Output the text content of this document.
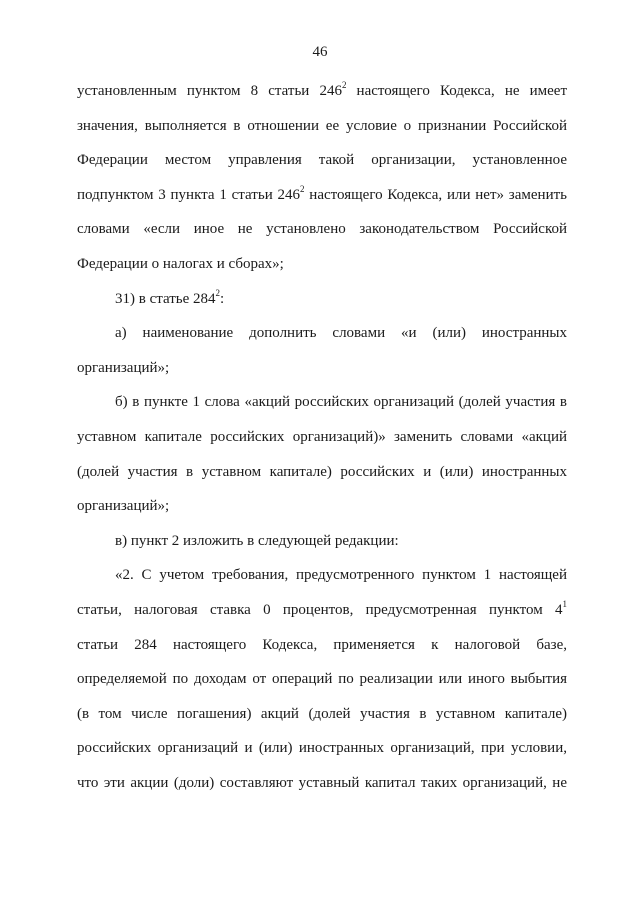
46
установленным пунктом 8 статьи $246^2$ настоящего Кодекса, не имеет
значения, выполняется в отношении ее условие о признании Российской
Федерации местом управления такой организации, установленное
подпунктом 3 пункта 1 статьи $246^2$ настоящего Кодекса, или нет» заменить
словами «если иное не установлено законодательством Российской
Федерации о налогах и сборах»;
31) в статье $284^2$:
а) наименование дополнить словами «и (или) иностранных
организаций»;
б) в пункте 1 слова «акций российских организаций (долей участия в
уставном капитале российских организаций)» заменить словами «акций
(долей участия в уставном капитале) российских и (или) иностранных
организаций»;
в) пункт 2 изложить в следующей редакции:
«2. С учетом требования, предусмотренного пунктом 1 настоящей
статьи, налоговая ставка 0 процентов, предусмотренная пунктом $4^1$
статьи 284 настоящего Кодекса, применяется к налоговой базе,
определяемой по доходам от операций по реализации или иного выбытия
(в том числе погашения) акций (долей участия в уставном капитале)
российских организаций и (или) иностранных организаций, при условии,
что эти акции (доли) составляют уставный капитал таких организаций, не
